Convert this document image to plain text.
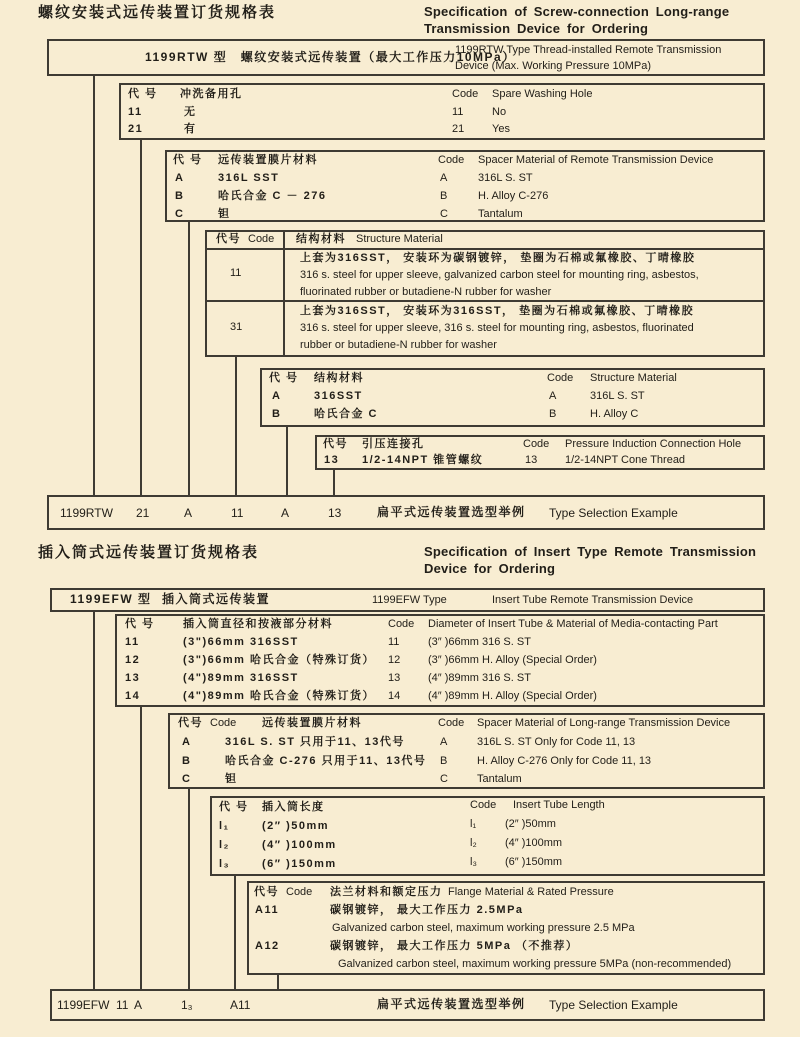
螺纹安装式远传装置订货规格表	Specification of Screw-connection Long-range
Transmission Device for Ordering
1199RTW 型　螺纹安装式远传装置（最大工作压力10MPa）
1199RTW Type Thread-installed Remote Transmission
Device (Max. Working Pressure 10MPa)
代 号 冲洗备用孔
11	无
21	有
Code Spare Washing Hole
11	No
21	Yes
代 号 远传装置膜片材料
A	316L SST
B	哈氏合金 C － 276
C	钽
Code Spacer Material of Remote Transmission Device
A	316L S. ST
B	H. Alloy C-276
C	Tantalum
代号 Code 结构材料 Structure Material
11
上套为316SST， 安装环为碳钢镀锌， 垫圈为石棉或氟橡胶、丁晴橡胶
316 s. steel for upper sleeve, galvanized carbon steel for mounting ring, asbestos,
fluorinated rubber or butadiene-N rubber for washer
31
上套为316SST， 安装环为316SST， 垫圈为石棉或氟橡胶、丁晴橡胶
316 s. steel for upper sleeve, 316 s. steel for mounting ring, asbestos, fluorinated
rubber or butadiene-N rubber for washer
代 号 结构材料
A	316SST
B	哈氏合金 C
Code Structure Material
A	316L S. ST
B	H. Alloy C
代号 引压连接孔
13 1/2-14NPT 锥管螺纹
Code Pressure Induction Connection Hole
13	1/2-14NPT Cone Thread
1199RTW 21	A	11	A	13	扁平式远传装置选型举例 Type Selection Example
插入筒式远传装置订货规格表	Specification of Insert Type Remote Transmission
Device for Ordering
1199EFW 型 插入筒式远传装置	1199EFW Type	Insert Tube Remote Transmission Device
代 号	插入筒直径和按液部分材料
11	(3")66mm 316SST
12	(3")66mm 哈氏合金（特殊订货）
13	(4")89mm 316SST
14	(4")89mm 哈氏合金（特殊订货）
Code Diameter of Insert Tube & Material of Media-contacting Part
11	(3″ )66mm 316 S. ST
12	(3″ )66mm H. Alloy (Special Order)
13	(4″ )89mm 316 S. ST
14	(4″ )89mm H. Alloy (Special Order)
代号 Code 远传装置膜片材料
A	316L S. ST 只用于11、13代号
B	哈氏合金 C-276 只用于11、13代号
C	钽
Code Spacer Material of Long-range Transmission Device
A	316L S. ST Only for Code 11, 13
B	H. Alloy C-276 Only for Code 11, 13
C	Tantalum
代 号 插入筒长度
l₁	(2″ )50mm
l₂	(4″ )100mm
l₃	(6″ )150mm
Code Insert Tube Length
l₁	(2″ )50mm
l₂	(4″ )100mm
l₃	(6″ )150mm
代号 Code 法兰材料和额定压力 Flange Material & Rated Pressure
A11	碳钢镀锌， 最大工作压力 2.5MPa
Galvanized carbon steel, maximum working pressure 2.5 MPa
A12	碳钢镀锌， 最大工作压力 5MPa （不推荐）
Galvanized carbon steel, maximum working pressure 5MPa (non-recommended)
1199EFW 11 A	1₃	A11	扁平式远传装置选型举例 Type Selection Example
